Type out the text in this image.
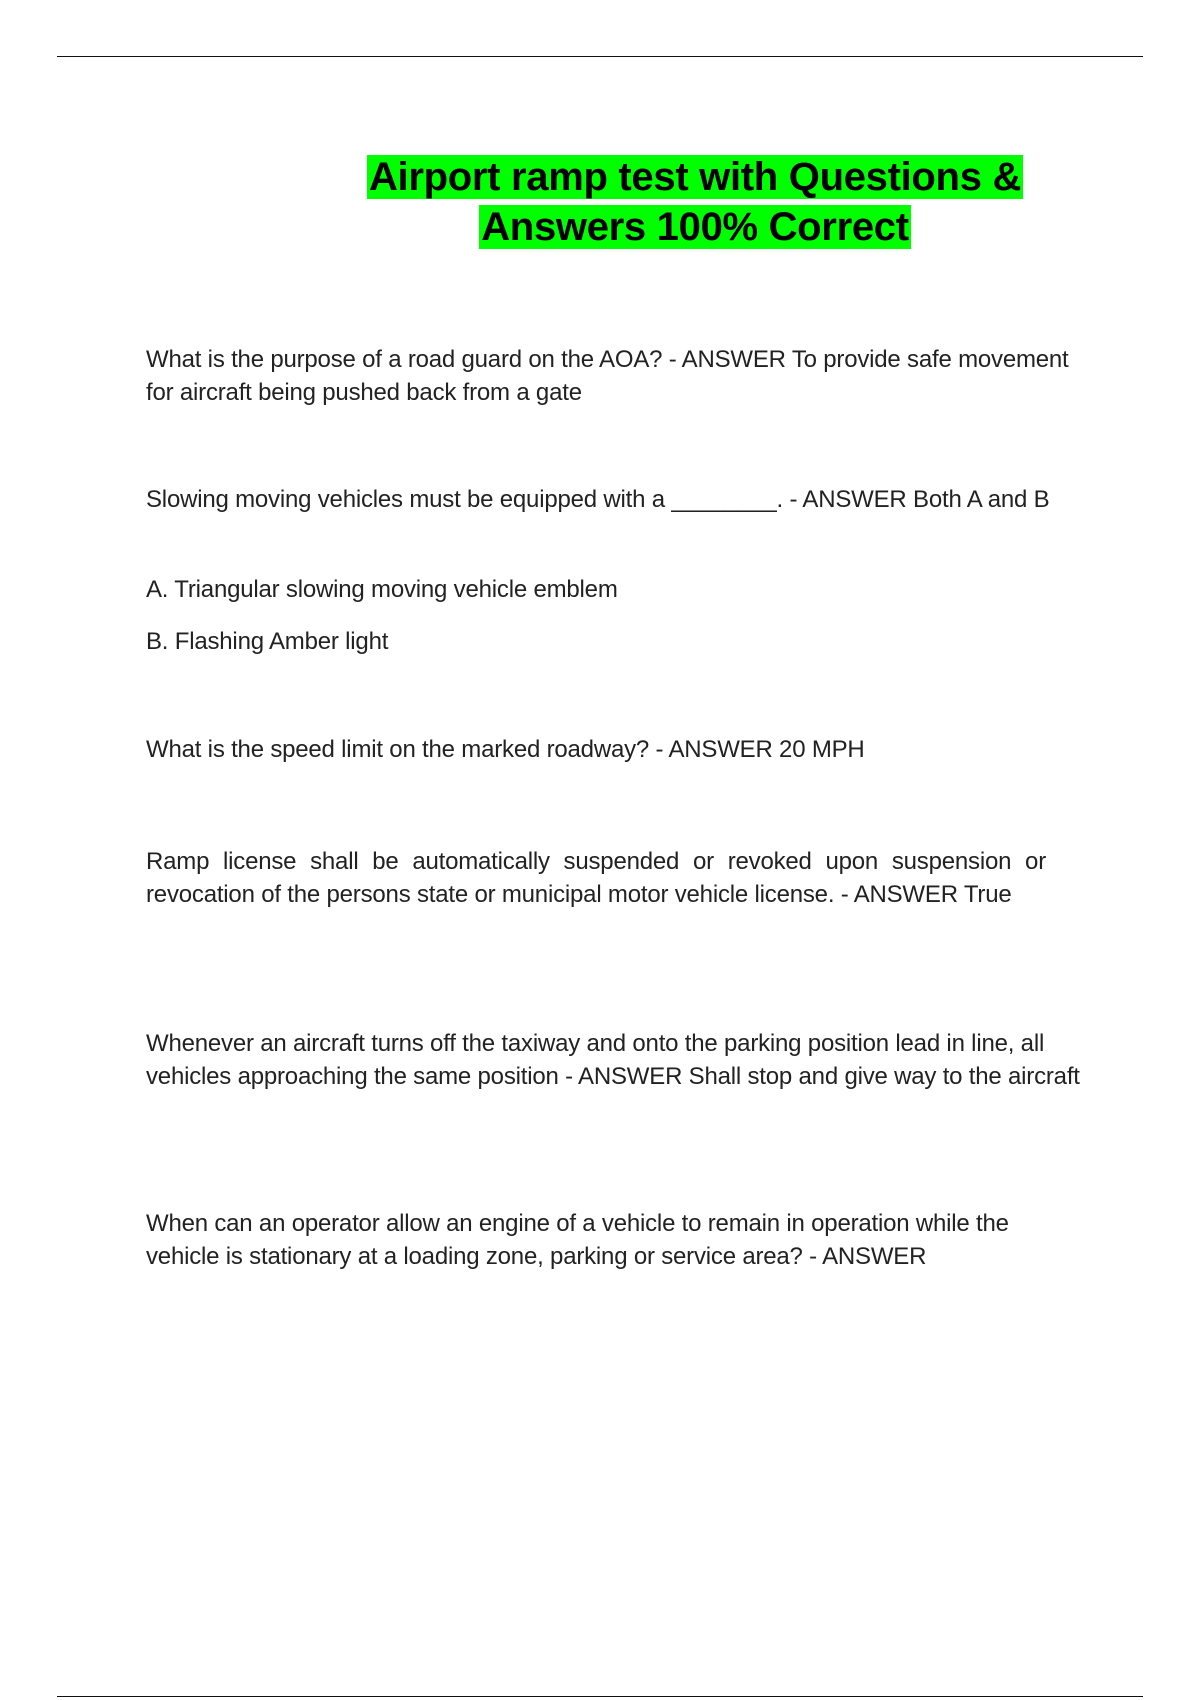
Airport ramp test with Questions &
Answers 100% Correct

What is the purpose of a road guard on the AOA? - ANSWER To provide safe movement for aircraft being pushed back from a gate

Slowing moving vehicles must be equipped with a ________. - ANSWER Both A and B

A. Triangular slowing moving vehicle emblem

B. Flashing Amber light

What is the speed limit on the marked roadway? - ANSWER 20 MPH

Ramp license shall be automatically suspended or revoked upon suspension or revocation of the persons state or municipal motor vehicle license. - ANSWER True

Whenever an aircraft turns off the taxiway and onto the parking position lead in line, all vehicles approaching the same position - ANSWER Shall stop and give way to the aircraft

When can an operator allow an engine of a vehicle to remain in operation while the vehicle is stationary at a loading zone, parking or service area? - ANSWER
